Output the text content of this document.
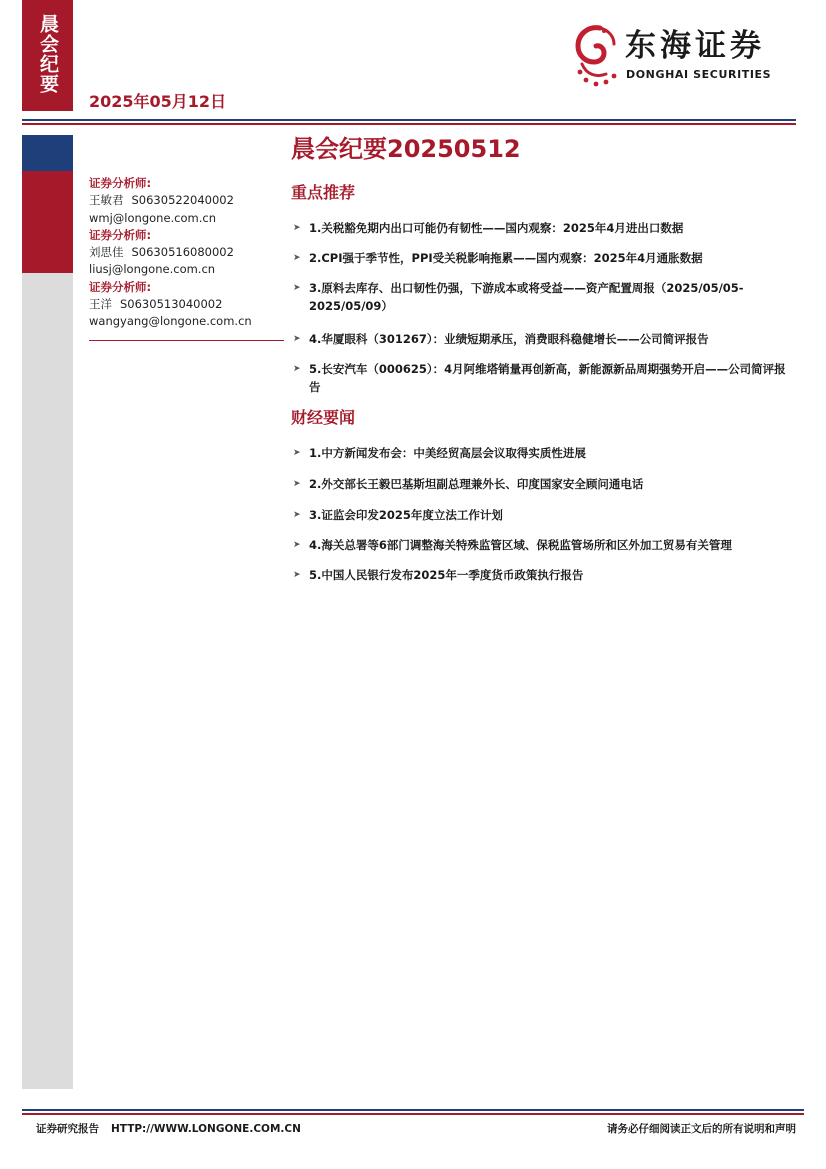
晨会纪要
2025年05月12日
东海证券
DONGHAI SECURITIES
证券分析师:
王敏君 S0630522040002
wmj@longone.com.cn
证券分析师:
刘思佳 S0630516080002
liusj@longone.com.cn
证券分析师:
王洋 S0630513040002
wangyang@longone.com.cn
晨会纪要20250512
重点推荐
➤ 1.关税豁免期内出口可能仍有韧性——国内观察：2025年4月进出口数据
➤ 2.CPI强于季节性，PPI受关税影响拖累——国内观察：2025年4月通胀数据
➤ 3.原料去库存、出口韧性仍强，下游成本或将受益——资产配置周报（2025/05/05-2025/05/09）
➤ 4.华厦眼科（301267）：业绩短期承压，消费眼科稳健增长——公司简评报告
➤ 5.长安汽车（000625）：4月阿维塔销量再创新高，新能源新品周期强势开启——公司简评报告
财经要闻
➤ 1.中方新闻发布会：中美经贸高层会议取得实质性进展
➤ 2.外交部长王毅巴基斯坦副总理兼外长、印度国家安全顾问通电话
➤ 3.证监会印发2025年度立法工作计划
➤ 4.海关总署等6部门调整海关特殊监管区域、保税监管场所和区外加工贸易有关管理
➤ 5.中国人民银行发布2025年一季度货币政策执行报告
证券研究报告 HTTP://WWW.LONGONE.COM.CN	请务必仔细阅读正文后的所有说明和声明
